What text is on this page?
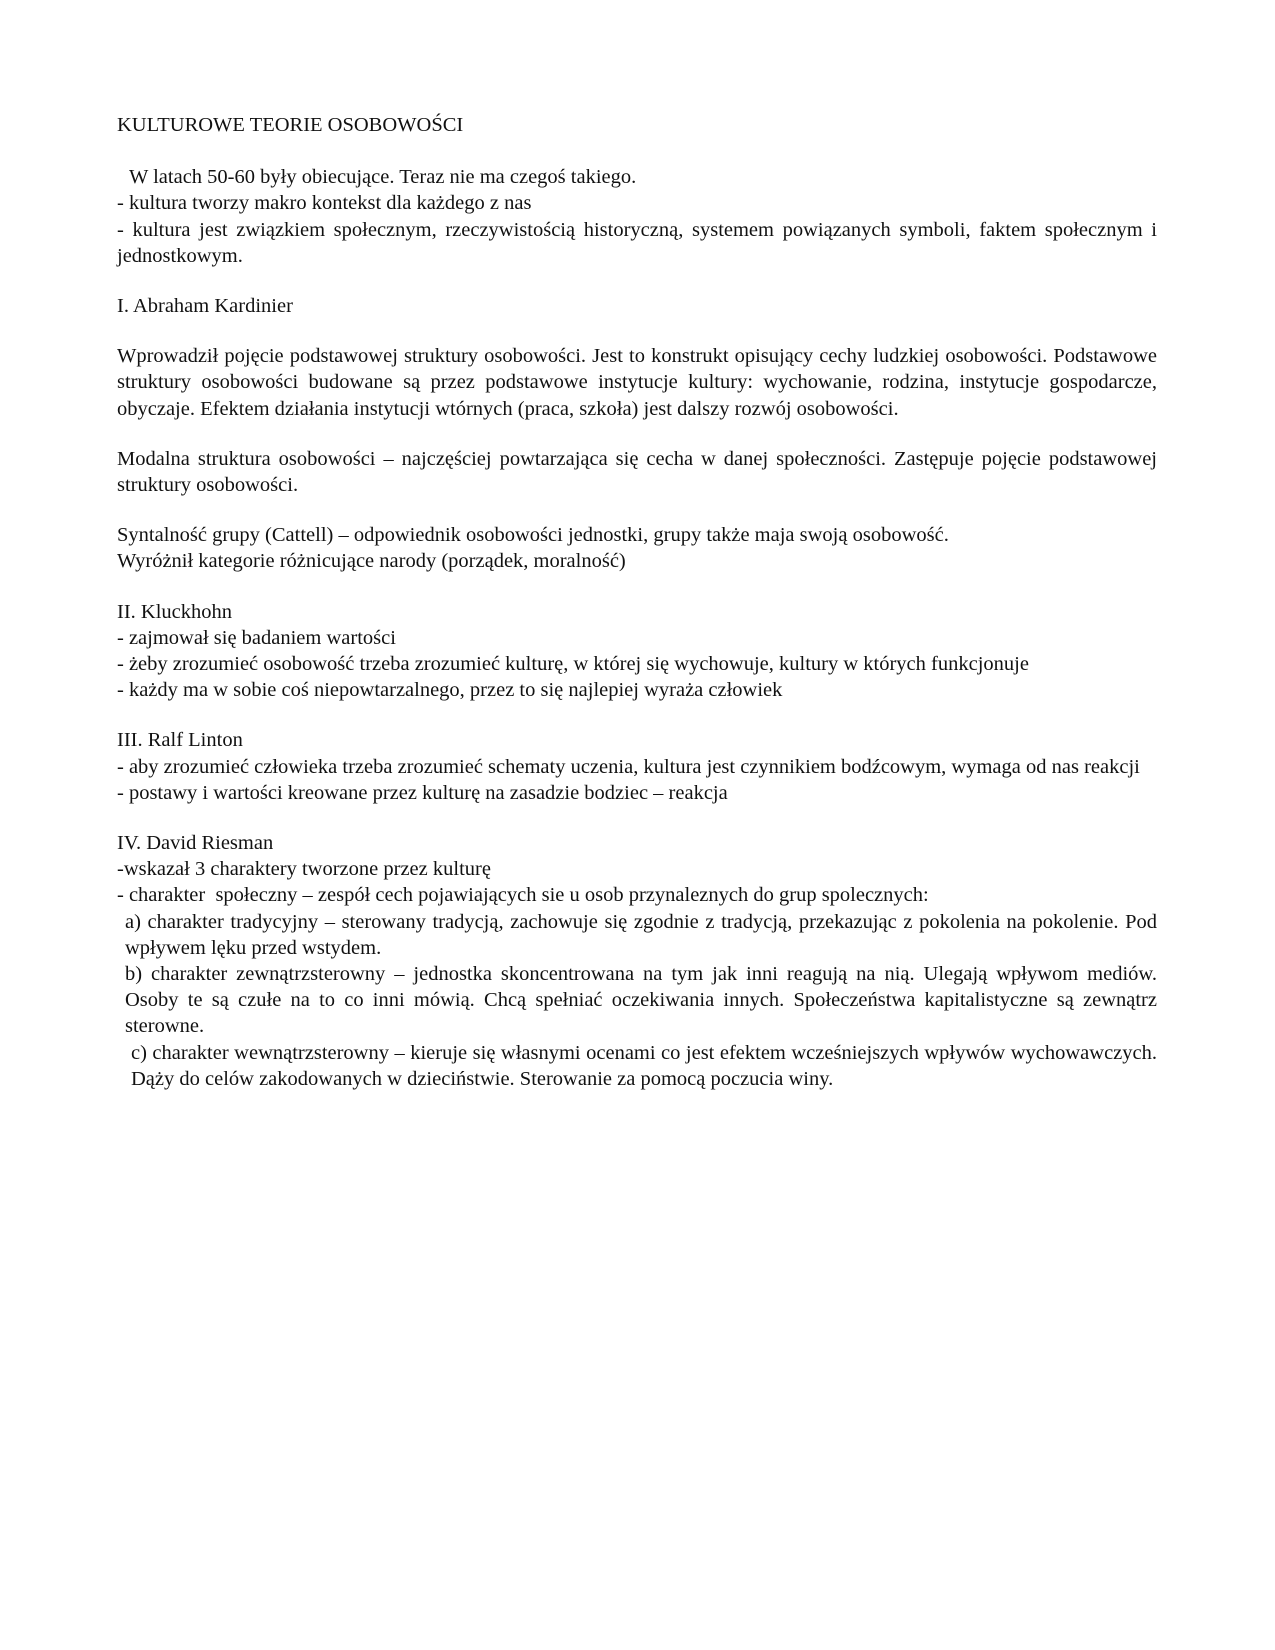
KULTUROWE TEORIE OSOBOWOŚCI
W latach 50-60 były obiecujące. Teraz nie ma czegoś takiego.
- kultura tworzy makro kontekst dla każdego z nas
- kultura jest związkiem społecznym, rzeczywistością historyczną, systemem powiązanych symboli, faktem społecznym i jednostkowym.
I. Abraham Kardinier
Wprowadził pojęcie podstawowej struktury osobowości. Jest to konstrukt opisujący cechy ludzkiej osobowości. Podstawowe struktury osobowości budowane są przez podstawowe instytucje kultury: wychowanie, rodzina, instytucje gospodarcze, obyczaje. Efektem działania instytucji wtórnych (praca, szkoła) jest dalszy rozwój osobowości.
Modalna struktura osobowości – najczęściej powtarzająca się cecha w danej społeczności. Zastępuje pojęcie podstawowej struktury osobowości.
Syntalność grupy (Cattell) – odpowiednik osobowości jednostki, grupy także maja swoją osobowość.
Wyróżnił kategorie różnicujące narody (porządek, moralność)
II. Kluckhohn
- zajmował się badaniem wartości
- żeby zrozumieć osobowość trzeba zrozumieć kulturę, w której się wychowuje, kultury w których funkcjonuje
- każdy ma w sobie coś niepowtarzalnego, przez to się najlepiej wyraża człowiek
III. Ralf Linton
- aby zrozumieć człowieka trzeba zrozumieć schematy uczenia, kultura jest czynnikiem bodźcowym, wymaga od nas reakcji
- postawy i wartości kreowane przez kulturę na zasadzie bodziec – reakcja
IV. David Riesman
-wskazał 3 charaktery tworzone przez kulturę
- charakter  społeczny – zespół cech pojawiających sie u osob przynaleznych do grup spolecznych:
a) charakter tradycyjny – sterowany tradycją, zachowuje się zgodnie z tradycją, przekazując z pokolenia na pokolenie. Pod wpływem lęku przed wstydem.
b) charakter zewnątrzsterowny – jednostka skoncentrowana na tym jak inni reagują na nią. Ulegają wpływom mediów. Osoby te są czułe na to co inni mówią. Chcą spełniać oczekiwania innych. Społeczeństwa kapitalistyczne są zewnątrz sterowne.
c) charakter wewnątrzsterowny – kieruje się własnymi ocenami co jest efektem wcześniejszych wpływów wychowawczych. Dąży do celów zakodowanych w dzieciństwie. Sterowanie za pomocą poczucia winy.
